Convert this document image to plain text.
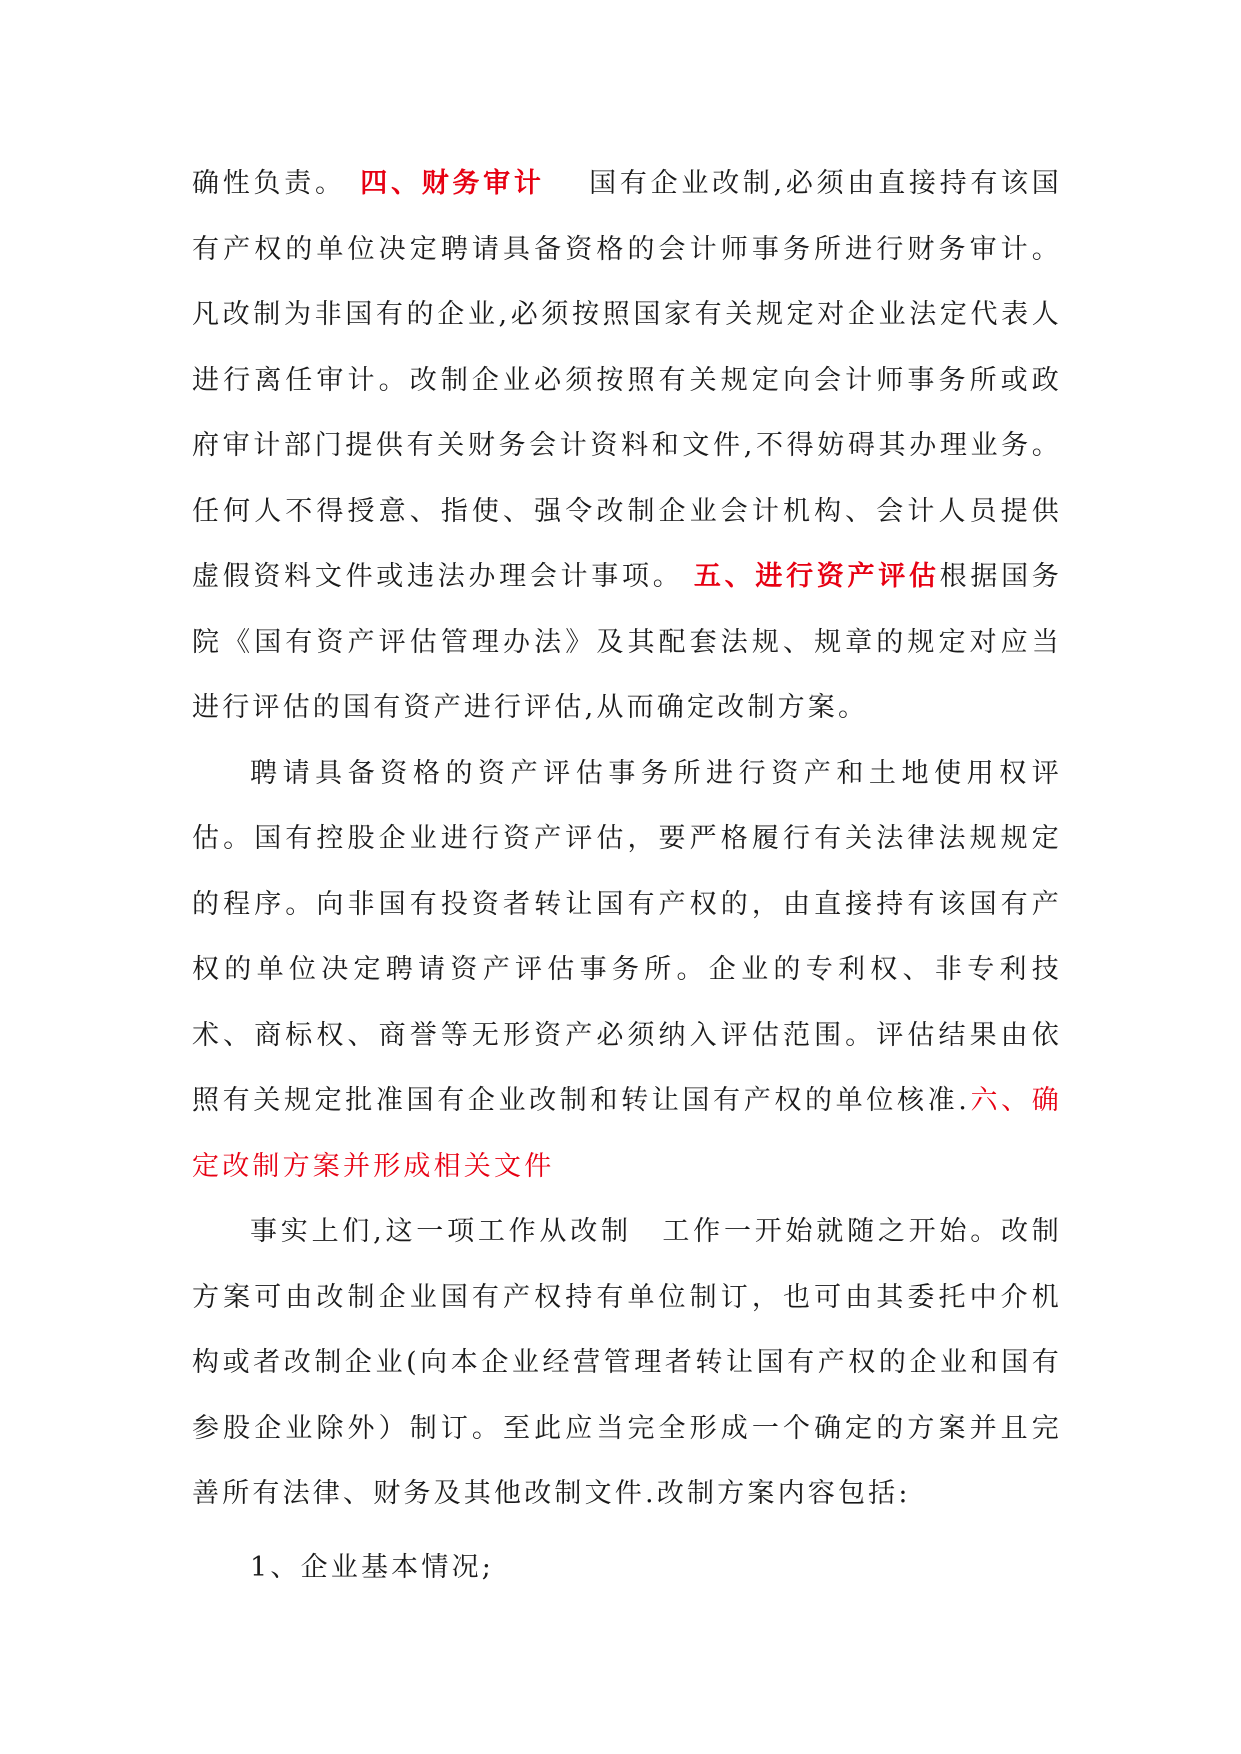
确性负责。 四、财务审计 国有企业改制,必须由直接持有该国有产权的单位决定聘请具备资格的会计师事务所进行财务审计。凡改制为非国有的企业,必须按照国家有关规定对企业法定代表人进行离任审计。改制企业必须按照有关规定向会计师事务所或政府审计部门提供有关财务会计资料和文件,不得妨碍其办理业务。任何人不得授意、指使、强令改制企业会计机构、会计人员提供虚假资料文件或违法办理会计事项。 五、进行资产评估根据国务院《国有资产评估管理办法》及其配套法规、规章的规定对应当进行评估的国有资产进行评估,从而确定改制方案。

聘请具备资格的资产评估事务所进行资产和土地使用权评估。国有控股企业进行资产评估，要严格履行有关法律法规规定的程序。向非国有投资者转让国有产权的，由直接持有该国有产权的单位决定聘请资产评估事务所。企业的专利权、非专利技术、商标权、商誉等无形资产必须纳入评估范围。评估结果由依照有关规定批准国有企业改制和转让国有产权的单位核准.六、确定改制方案并形成相关文件

事实上们,这一项工作从改制 工作一开始就随之开始。改制方案可由改制企业国有产权持有单位制订，也可由其委托中介机构或者改制企业(向本企业经营管理者转让国有产权的企业和国有参股企业除外）制订。至此应当完全形成一个确定的方案并且完善所有法律、财务及其他改制文件.改制方案内容包括:

1、企业基本情况;
